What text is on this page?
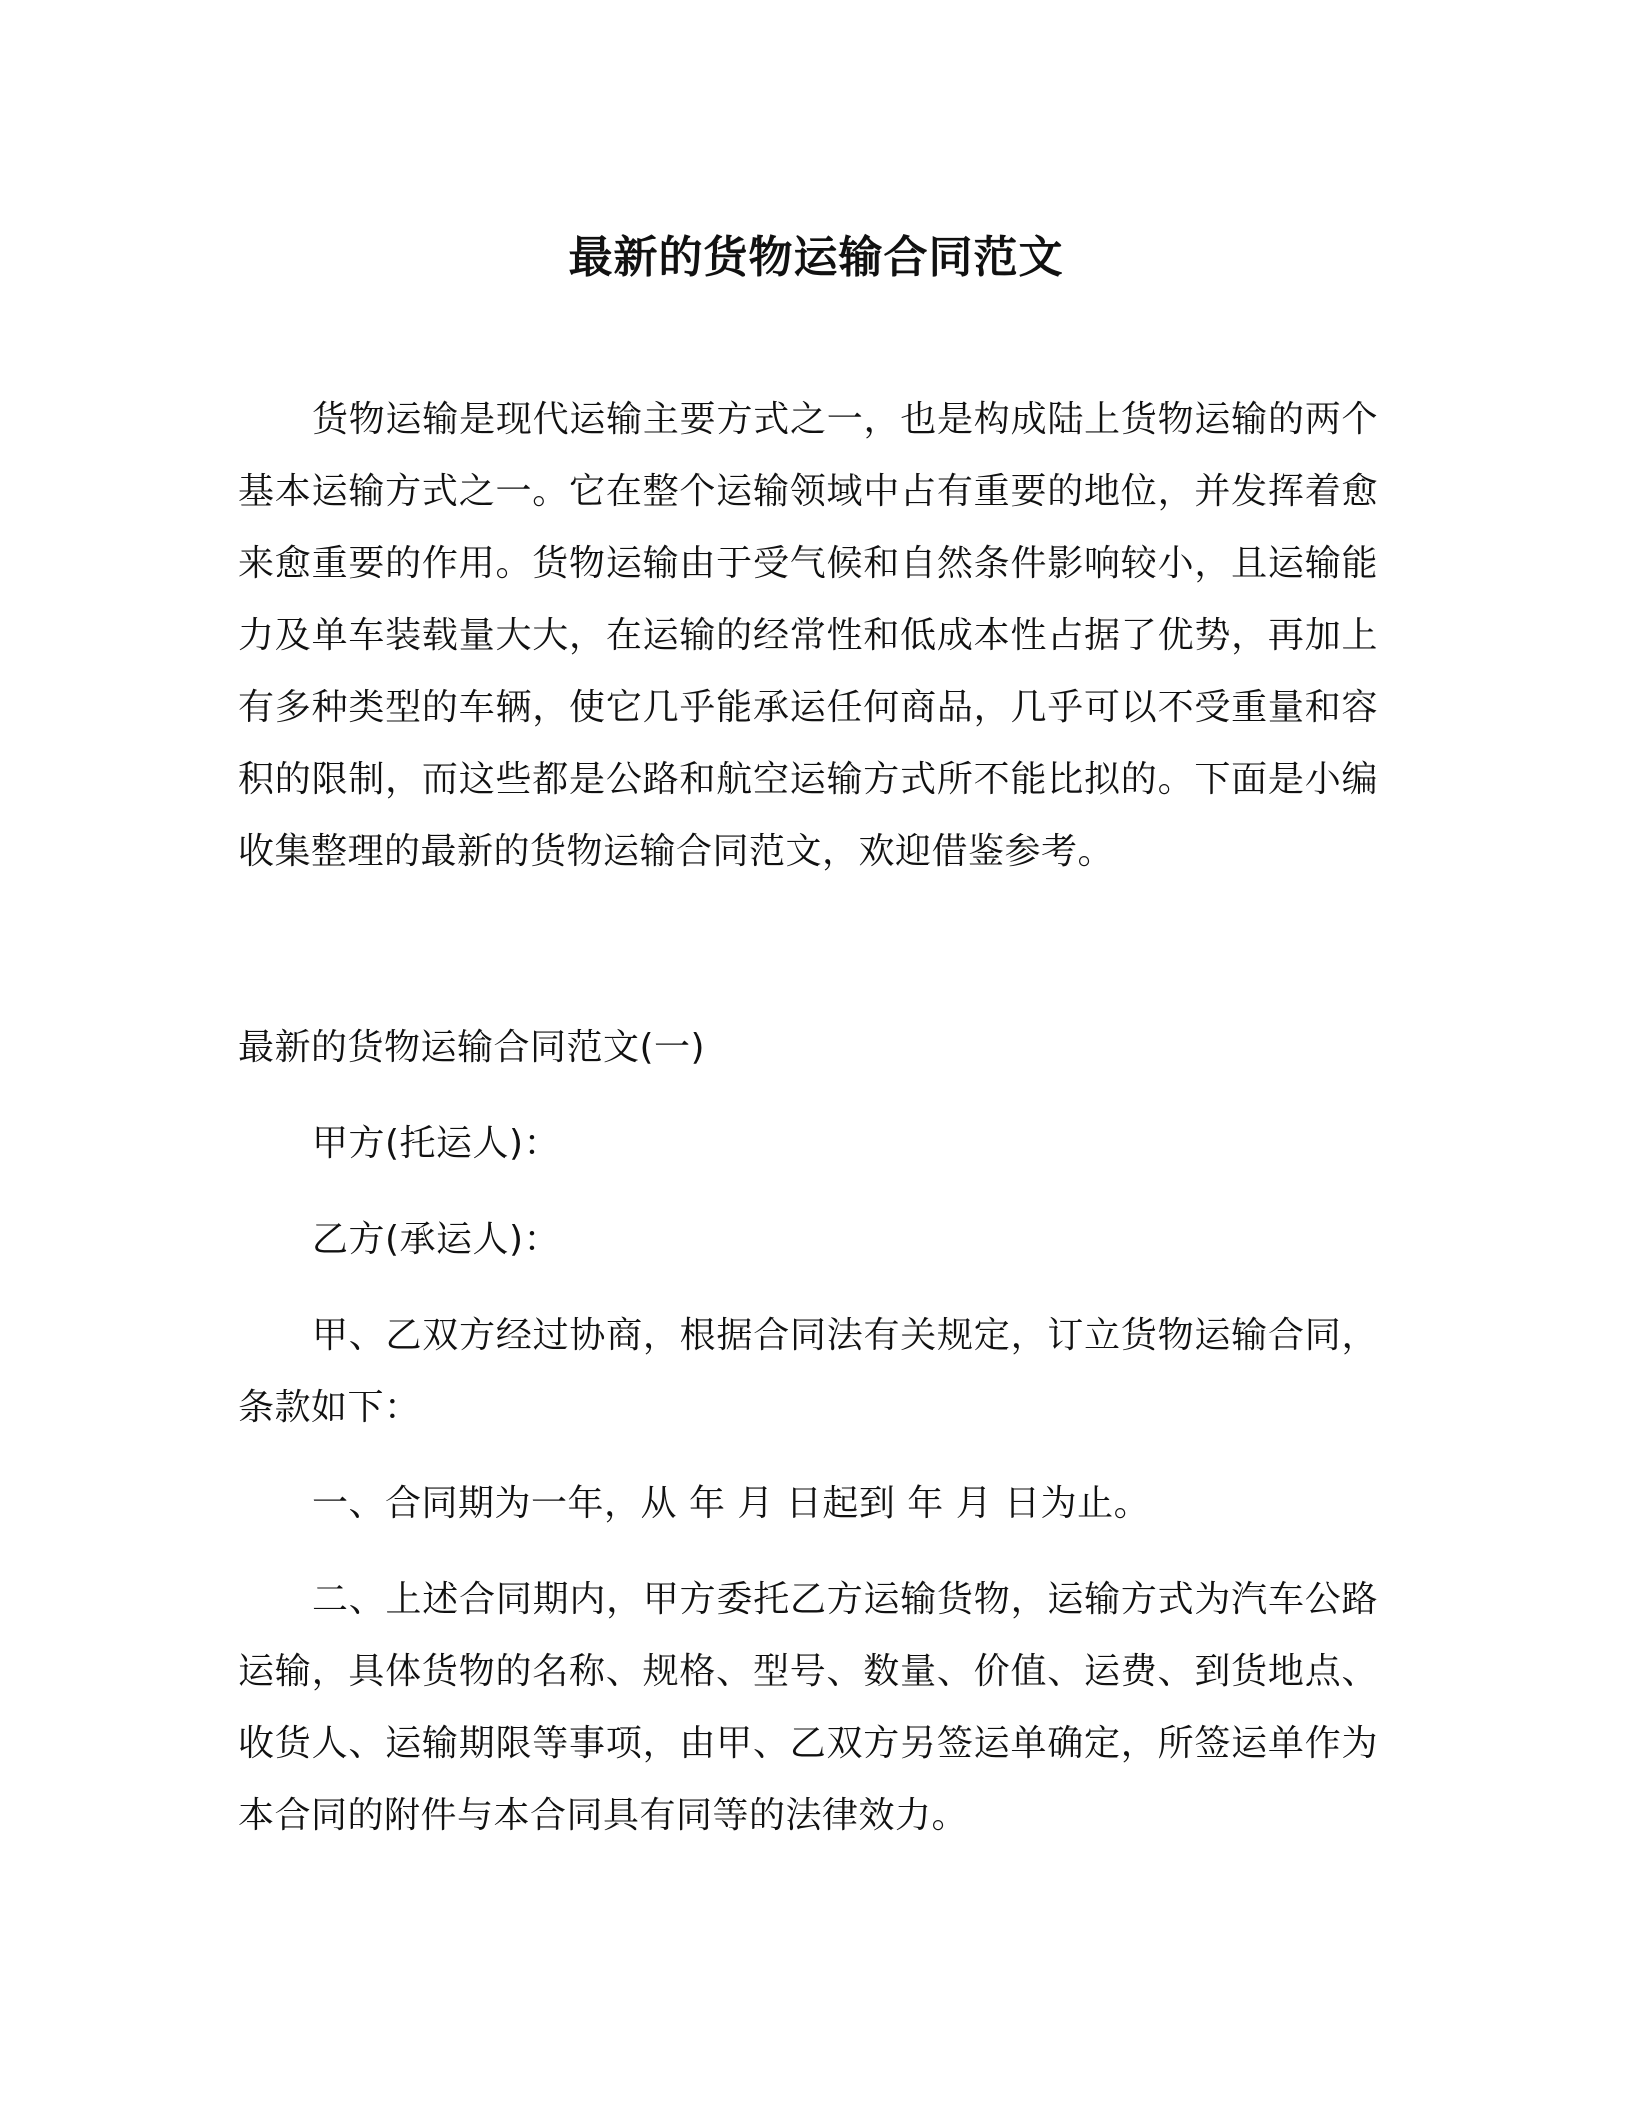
最新的货物运输合同范文

货物运输是现代运输主要方式之一，也是构成陆上货物运输的两个基本运输方式之一。它在整个运输领域中占有重要的地位，并发挥着愈来愈重要的作用。货物运输由于受气候和自然条件影响较小，且运输能力及单车装载量大大，在运输的经常性和低成本性占据了优势，再加上有多种类型的车辆，使它几乎能承运任何商品，几乎可以不受重量和容积的限制，而这些都是公路和航空运输方式所不能比拟的。下面是小编收集整理的最新的货物运输合同范文，欢迎借鉴参考。

最新的货物运输合同范文(一)

甲方(托运人)：

乙方(承运人)：

甲、乙双方经过协商，根据合同法有关规定，订立货物运输合同，条款如下：

一、合同期为一年，从 年 月 日起到 年 月 日为止。

二、上述合同期内，甲方委托乙方运输货物，运输方式为汽车公路运输，具体货物的名称、规格、型号、数量、价值、运费、到货地点、收货人、运输期限等事项，由甲、乙双方另签运单确定，所签运单作为本合同的附件与本合同具有同等的法律效力。
